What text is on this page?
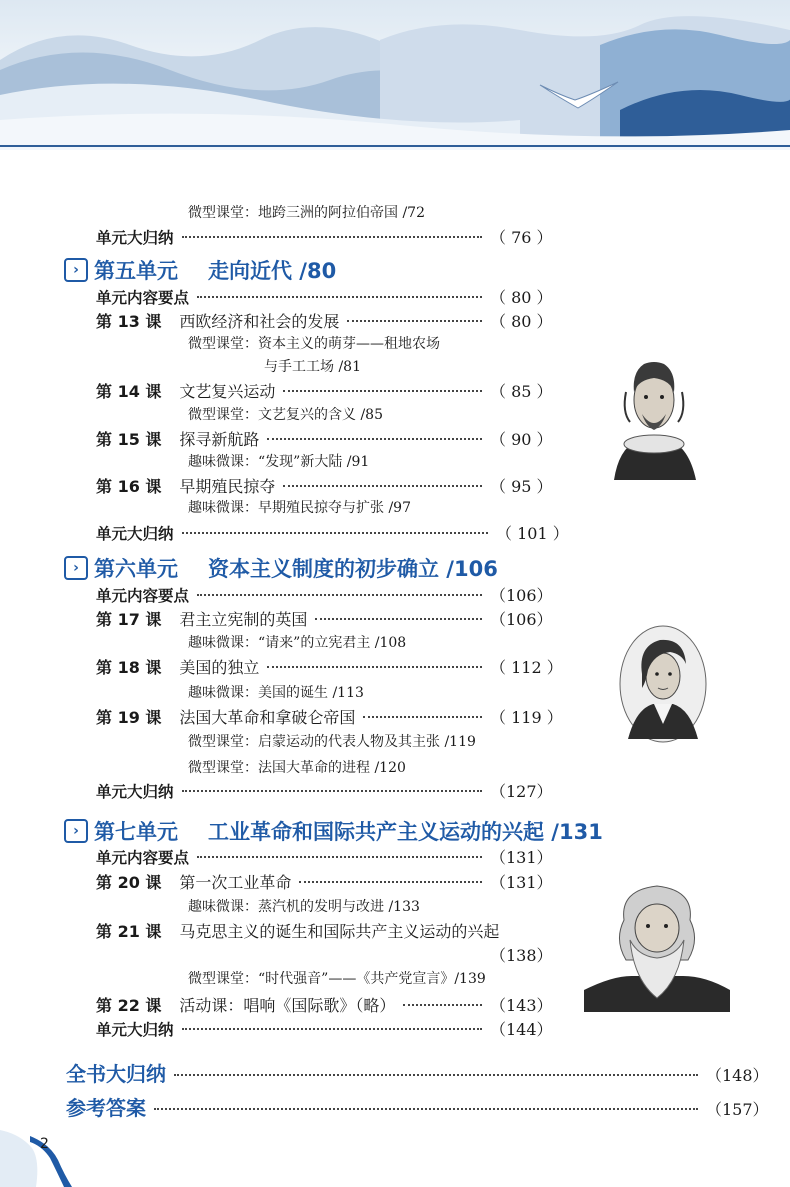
微型课堂：地跨三洲的阿拉伯帝国 /72
单元大归纳	（ 76 ）
› 第五单元 走向近代 /80
单元内容要点	（ 80 ）
第 13 课 西欧经济和社会的发展	（ 80 ）
微型课堂：资本主义的萌芽——租地农场
与手工工场 /81
第 14 课 文艺复兴运动	（ 85 ）
微型课堂：文艺复兴的含义 /85
第 15 课 探寻新航路	（ 90 ）
趣味微课：“发现”新大陆 /91
第 16 课 早期殖民掠夺	（ 95 ）
趣味微课：早期殖民掠夺与扩张 /97
单元大归纳	（ 101 ）
› 第六单元 资本主义制度的初步确立 /106
单元内容要点	（106）
第 17 课 君主立宪制的英国	（106）
趣味微课：“请来”的立宪君主 /108
第 18 课 美国的独立	（ 112 ）
趣味微课：美国的诞生 /113
第 19 课 法国大革命和拿破仑帝国	（ 119 ）
微型课堂：启蒙运动的代表人物及其主张 /119
微型课堂：法国大革命的进程 /120
单元大归纳	（127）
› 第七单元 工业革命和国际共产主义运动的兴起 /131
单元内容要点	（131）
第 20 课 第一次工业革命	（131）
趣味微课：蒸汽机的发明与改进 /133
第 21 课 马克思主义的诞生和国际共产主义运动的兴起
（138）
微型课堂：“时代强音”——《共产党宣言》/139
第 22 课 活动课：唱响《国际歌》（略）	（143）
单元大归纳	（144）
全书大归纳	（148）
参考答案	（157）
2
